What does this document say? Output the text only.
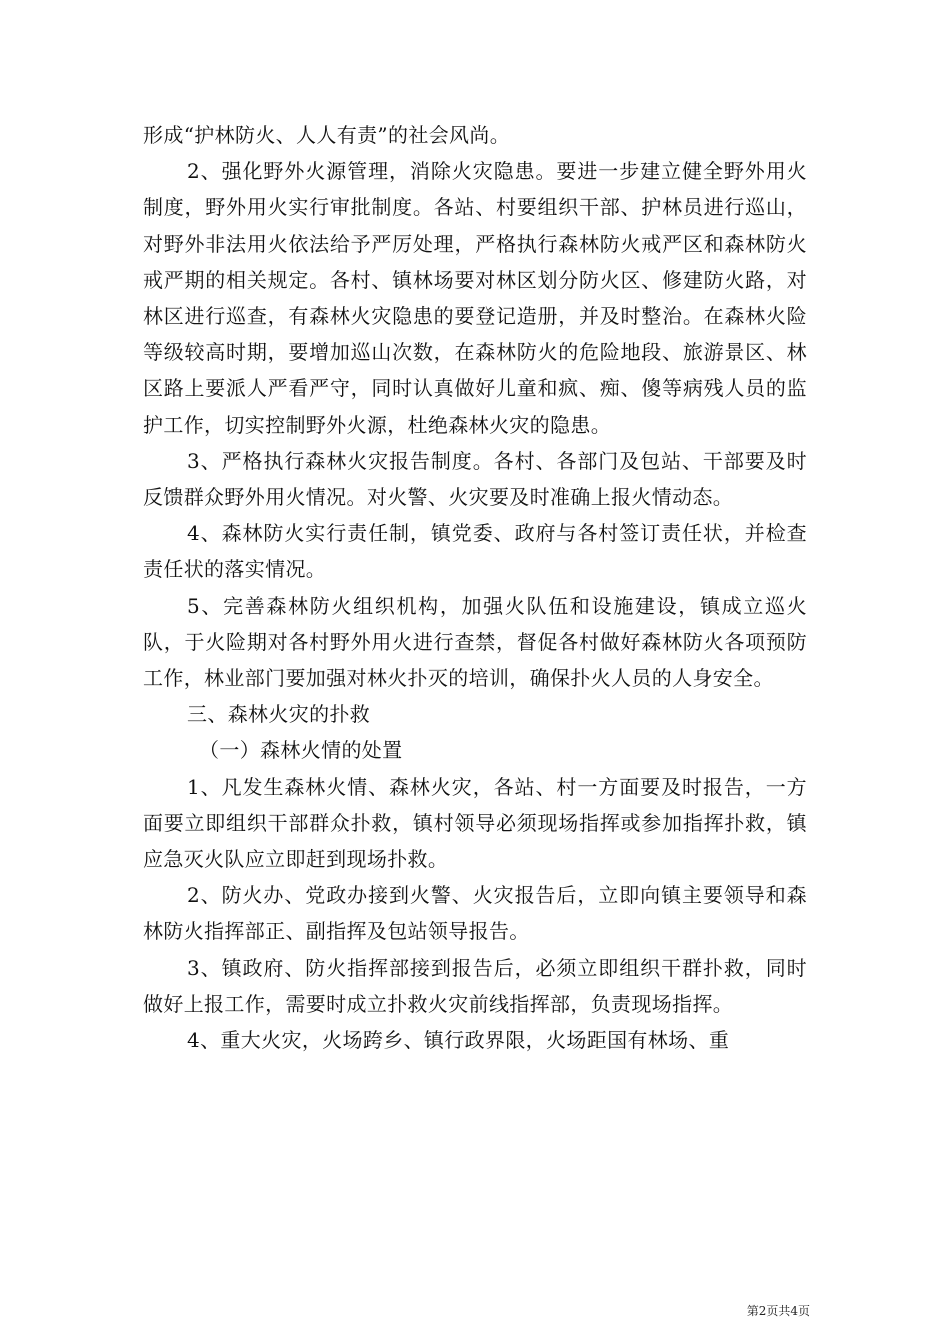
形成“护林防火、人人有责”的社会风尚。

2、强化野外火源管理，消除火灾隐患。要进一步建立健全野外用火制度，野外用火实行审批制度。各站、村要组织干部、护林员进行巡山，对野外非法用火依法给予严厉处理，严格执行森林防火戒严区和森林防火戒严期的相关规定。各村、镇林场要对林区划分防火区、修建防火路，对林区进行巡查，有森林火灾隐患的要登记造册，并及时整治。在森林火险等级较高时期，要增加巡山次数，在森林防火的危险地段、旅游景区、林区路上要派人严看严守，同时认真做好儿童和疯、痴、傻等病残人员的监护工作，切实控制野外火源，杜绝森林火灾的隐患。

3、严格执行森林火灾报告制度。各村、各部门及包站、干部要及时反馈群众野外用火情况。对火警、火灾要及时准确上报火情动态。

4、森林防火实行责任制，镇党委、政府与各村签订责任状，并检查责任状的落实情况。

5、完善森林防火组织机构，加强火队伍和设施建设，镇成立巡火队，于火险期对各村野外用火进行查禁，督促各村做好森林防火各项预防工作，林业部门要加强对林火扑灭的培训，确保扑火人员的人身安全。

三、森林火灾的扑救

（一）森林火情的处置

1、凡发生森林火情、森林火灾，各站、村一方面要及时报告，一方面要立即组织干部群众扑救，镇村领导必须现场指挥或参加指挥扑救，镇应急灭火队应立即赶到现场扑救。

2、防火办、党政办接到火警、火灾报告后，立即向镇主要领导和森林防火指挥部正、副指挥及包站领导报告。

3、镇政府、防火指挥部接到报告后，必须立即组织干群扑救，同时做好上报工作，需要时成立扑救火灾前线指挥部，负责现场指挥。

4、重大火灾，火场跨乡、镇行政界限，火场距国有林场、重

第2页共4页
